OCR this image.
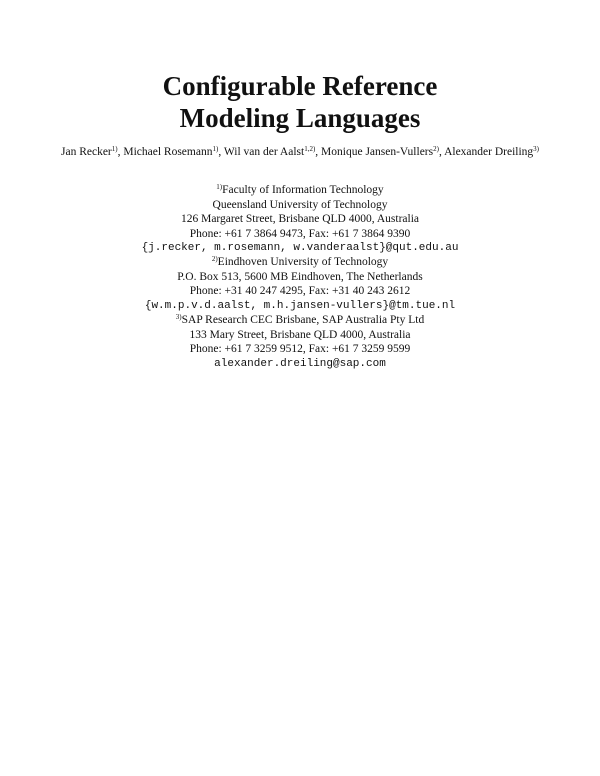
Configurable Reference
Modeling Languages
Jan Recker$^{1)}$, Michael Rosemann$^{1)}$, Wil van der Aalst$^{1,2)}$, Monique Jansen-Vullers$^{2)}$, Alexander Dreiling$^{3)}$
$^{1)}$Faculty of Information Technology
Queensland University of Technology
126 Margaret Street, Brisbane QLD 4000, Australia
Phone: +61 7 3864 9473, Fax: +61 7 3864 9390
{j.recker, m.rosemann, w.vanderaalst}@qut.edu.au
$^{2)}$Eindhoven University of Technology
P.O. Box 513, 5600 MB Eindhoven, The Netherlands
Phone: +31 40 247 4295, Fax: +31 40 243 2612
{w.m.p.v.d.aalst, m.h.jansen-vullers}@tm.tue.nl
$^{3)}$SAP Research CEC Brisbane, SAP Australia Pty Ltd
133 Mary Street, Brisbane QLD 4000, Australia
Phone: +61 7 3259 9512, Fax: +61 7 3259 9599
alexander.dreiling@sap.com
